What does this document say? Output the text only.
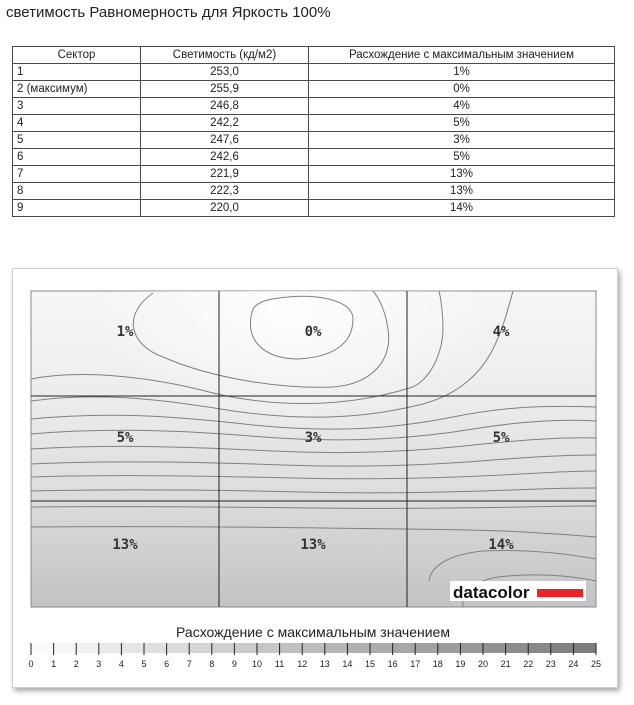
светимость Равномерность для Яркость 100%
Сектор	Светимость (кд/м2)	Расхождение с максимальным значением
1	253,0	1%
2 (максимум)	255,9	0%
3	246,8	4%
4	242,2	5%
5	247,6	3%
6	242,6	5%
7	221,9	13%
8	222,3	13%
9	220,0	14%
1%	0%	4%
5%	3%	5%
13%	13%	14%
datacolor
Расхождение с максимальным значением
0 1 2 3 4 5 6 7 8 9 10 11 12 13 14 15 16 17 18 19 20 21 22 23 24 25
